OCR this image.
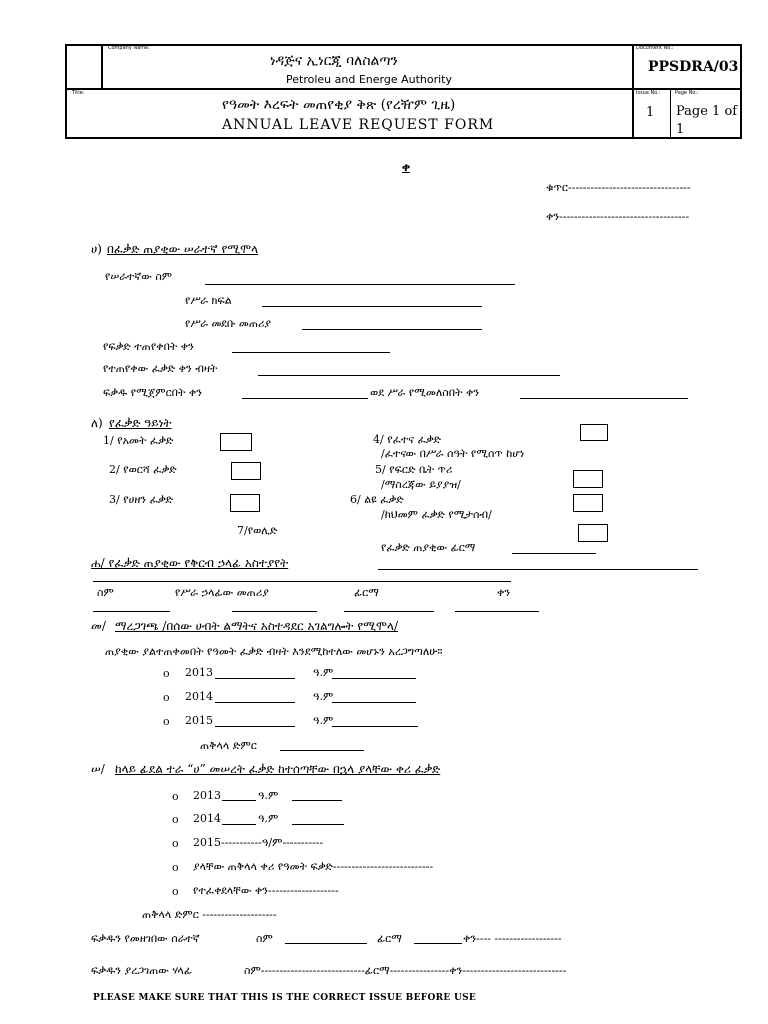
Company Name:
ነዳጅና ኢነርጂ ባለስልጣን
Petroleu and Energe Authority
Document No.:
PPSDRA/03
Title:
የዓመት እረፍት መጠየቂያ ቅጽ (የረዥም ጊዜ)
ANNUAL LEAVE REQUEST FORM
Issue No.:
1
Page No.:
Page 1 of
1
ቀ
ቁጥር---------------------------------
ቀን-----------------------------------
ሀ) በፈቃድ ጠያቂው ሠራተኛ የሚሞላ
የሠራተኛው ስም
የሥራ ክፍል
የሥራ መደቡ መጠሪያ
የፍቃድ ተጠየቀበት ቀን
የተጠየቀው ፈቃድ ቀን ብዛት
ፍቃዱ የሚጀምርበት ቀን	ወደ ሥራ የሚመለስበት ቀን
ለ) የፈቃድ ዓይነት
1/ የአመት ፈቃድ
2/ የወርሻ ፈቃድ
3/ የሀዘን ፈቃድ
4/ የፈተና ፈቃድ
/ፈተናው በሥራ ሰዓት የሚሰጥ ከሆነ
5/ የፍርድ ቤት ጥሪ
/ማስረጃው ይያያዝ/
6/ ልዩ ፈቃድ
/ከህመም ፈቃድ የሚታሰብ/
7/የወሊድ
የፈቃድ ጠያቂው ፊርማ
ሐ/ የፈቃድ ጠያቂው የቅርብ ኃላፊ አስተያየት
ስም	የሥራ ኃላፊው መጠሪያ	ፊርማ	ቀን
መ/ ማረጋገጫ /በሰው ሀብት ልማትና አስተዳደር አገልግሎት የሚሞላ/
ጠያቂው ያልተጠቀመበት የዓመት ፈቃድ ብዛት እንደሚከተለው መሆኑን አረጋግጣለሁ።
o 2013	ዓ.ም
o 2014	ዓ.ም
o 2015	ዓ.ም
ጠቅላላ ድምር
ሠ/ ከላይ ፊደል ተራ “ሀ” መሠረት ፈቃድ ከተሰጣቸው በኋላ ያላቸው ቀሪ ፈቃድ
o 2013	ዓ.ም
o 2014	ዓ.ም
o 2015-----------ዓ/ም-----------
o ያላቸው ጠቅላላ ቀሪ የዓመት ፍቃድ---------------------------
o የተፈቀደላቸው ቀን-------------------
ጠቅላላ ድምር --------------------
ፍቃዱን የመዘገበው ሰራተኛ	ስም	ፊርማ	ቀን---- ------------------
ፍቃዱን ያረጋገጠው ሃላፊ	ስም----------------------------ፊርማ----------------ቀን----------------------------
PLEASE MAKE SURE THAT THIS IS THE CORRECT ISSUE BEFORE USE
